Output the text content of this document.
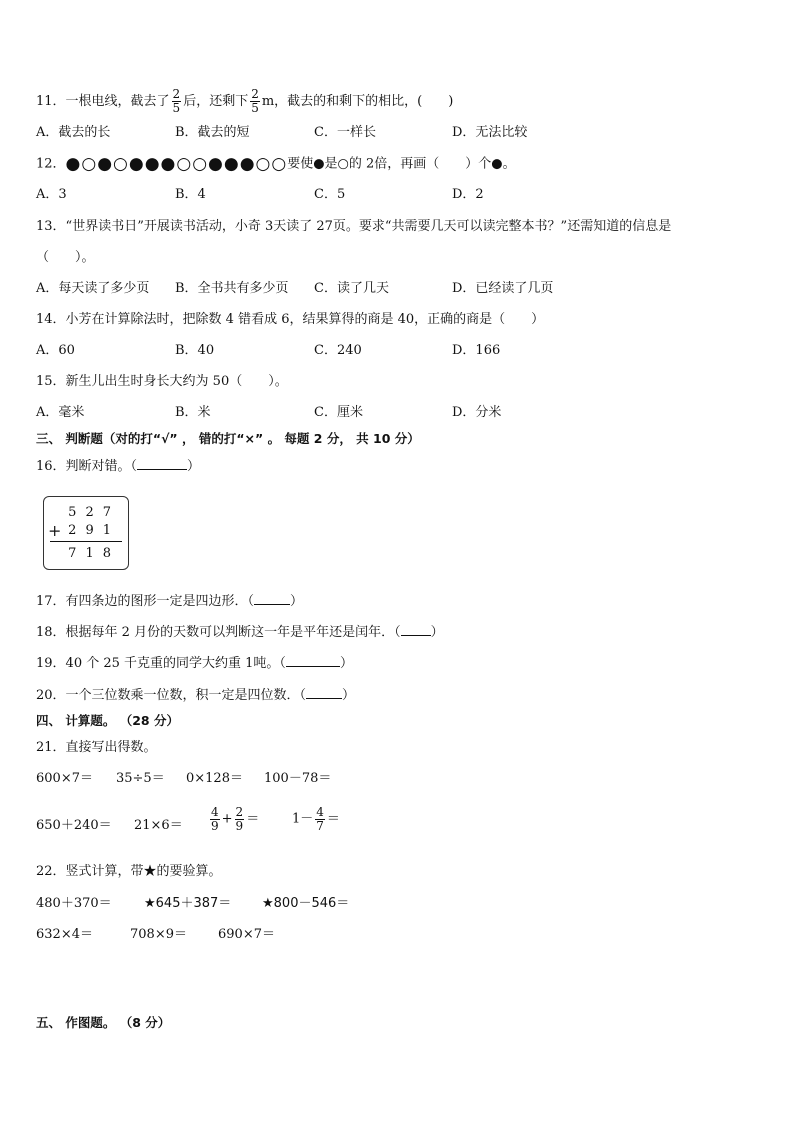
11．一根电线，截去了 $\frac{2}{5}$ 后，还剩下 $\frac{2}{5}$ m，截去的和剩下的相比，(　　)
A．截去的长	B．截去的短	C．一样长	D．无法比较
12．●○●○●●●○○●●●○○要使●是○的 2倍，再画（　　）个●。
A．3	B．4	C．5	D．2
13．“世界读书日”开展读书活动，小奇 3天读了 27页。要求“共需要几天可以读完整本书？”还需知道的信息是
（　　）。
A．每天读了多少页 B．全书共有多少页 C．读了几天	D．已经读了几页
14．小芳在计算除法时，把除数 4 错看成 6，结果算得的商是 40，正确的商是（　　）
A．60	B．40	C．240	D．166
15．新生儿出生时身长大约为 50（　　）。
A．毫米	B．米	C．厘米	D．分米
三、 判断题（对的打“√” ， 错的打“×” 。 每题 2 分， 共 10 分）
16．判断对错。（	）
527
291
+
718
17．有四条边的图形一定是四边形．（	）
18．根据每年 2 月份的天数可以判断这一年是平年还是闰年．（ ）
19．40 个 25 千克重的同学大约重 1吨。（	）
20．一个三位数乘一位数，积一定是四位数．（	）
四、 计算题。 （28 分）
21．直接写出得数。
600×7＝ 35÷5＝ 0×128＝ 100－78＝
$650+240= 21\times 6= \frac{4}{9} + \frac{2}{9}$ ＝	$1- \frac{4}{7}$ ＝
22．竖式计算，带★的要验算。
480＋370＝ ★645＋387＝ ★800－546＝
632×4＝	708×9＝ 690×7＝
五、 作图题。 （8 分）
